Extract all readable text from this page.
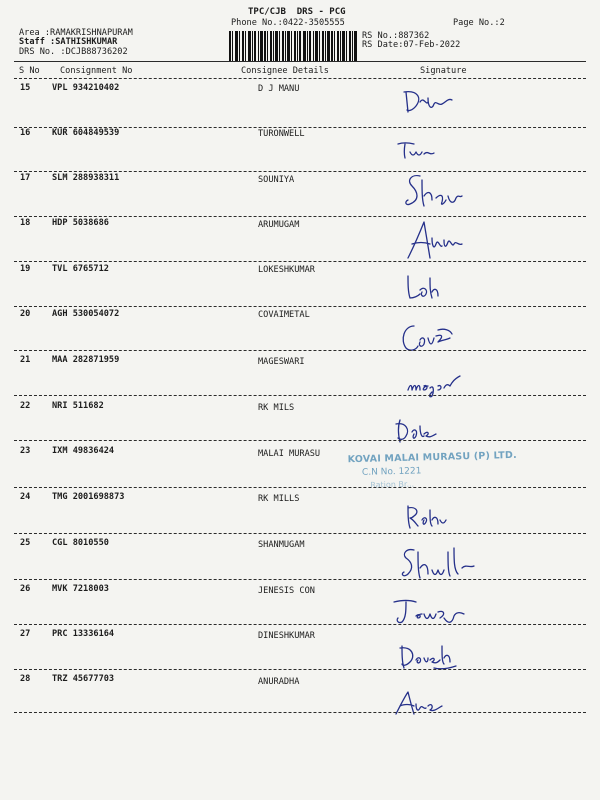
TPC/CJB  DRS - PCG
Phone No.:0422-3505555	Page No.:2
Area :RAMAKRISHNAPURAM
Staff :SATHISHKUMAR
DRS No. :DCJB88736202
RS No.:887362
RS Date:07-Feb-2022
S No Consignment No	Consignee Details	Signature
15	VPL 934210402	D J MANU
16	KUR 604849539	TURONWELL
17	SLM 288938311	SOUNIYA
18	HDP 5038686	ARUMUGAM
19	TVL 6765712	LOKESHKUMAR
20	AGH 530054072	COVAIMETAL
21	MAA 282871959	MAGESWARI
22	NRI 511682	RK MILS
23	IXM 49836424	MALAI MURASU	KOVAI MALAI MURASU (P) LTD.
C.N No. 1221
Ration Br...
24	TMG 2001698873	RK MILLS
25	CGL 8010550	SHANMUGAM
26	MVK 7218003	JENESIS CON
27	PRC 13336164	DINESHKUMAR
28	TRZ 45677703	ANURADHA
